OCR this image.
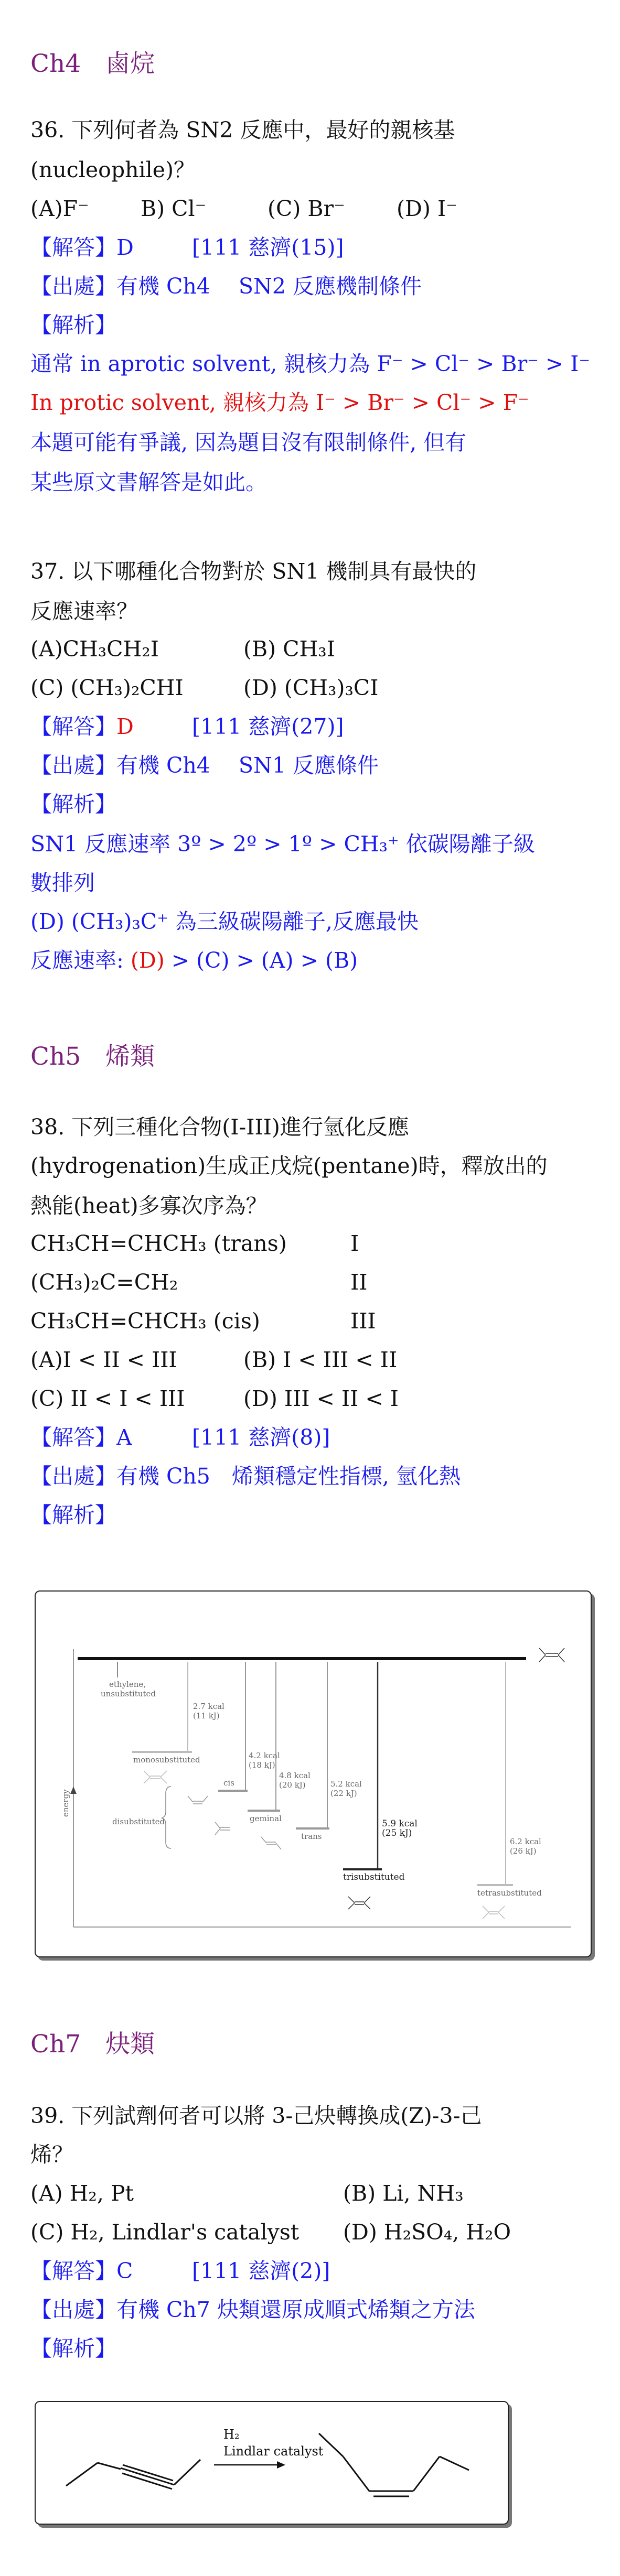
Ch4　鹵烷
36. 下列何者為 SN2 反應中，最好的親核基
(nucleophile)？
(A)F⁻ B) Cl⁻	(C) Br⁻ (D) I⁻
【解答】D	[111 慈濟(15)]
【出處】有機 Ch4　 SN2 反應機制條件
【解析】
通常 in aprotic solvent, 親核力為 F⁻ > Cl⁻ > Br⁻ > I⁻
In protic solvent, 親核力為 I⁻ > Br⁻ > Cl⁻ > F⁻
本題可能有爭議, 因為題目沒有限制條件, 但有
某些原文書解答是如此。
37. 以下哪種化合物對於 SN1 機制具有最快的
反應速率？
(A)CH₃CH₂I	(B) CH₃I
(C) (CH₃)₂CHI	(D) (CH₃)₃CI
【解答】D	[111 慈濟(27)]
【出處】有機 Ch4　 SN1 反應條件
【解析】
SN1 反應速率 3º > 2º > 1º > CH₃⁺ 依碳陽離子級
數排列
(D) (CH₃)₃C⁺ 為三級碳陽離子,反應最快
反應速率: (D) > (C) > (A) > (B)
Ch5　烯類
38. 下列三種化合物(I-III)進行氫化反應
(hydrogenation)生成正戊烷(pentane)時，釋放出的
熱能(heat)多寡次序為？
CH₃CH=CHCH₃ (trans)	I
(CH₃)₂C=CH₂	II
CH₃CH=CHCH₃ (cis)	III
(A)I < II < III	(B) I < III < II
(C) II < I < III	(D) III < II < I
【解答】A	[111 慈濟(8)]
【出處】有機 Ch5　烯類穩定性指標, 氫化熱
【解析】
energy
ethylene,
unsubstituted
monosubstituted
cis
geminal
trans
trisubstituted
tetrasubstituted
disubstituted
2.7 kcal
(11 kJ)
4.2 kcal
(18 kJ)
4.8 kcal
(20 kJ)	5.2 kcal
(22 kJ)
5.9 kcal
(25 kJ)
6.2 kcal
(26 kJ)
Ch7　炔類
39. 下列試劑何者可以將 3-己炔轉換成(Z)-3-己
烯？
(A) H₂, Pt	(B) Li, NH₃
(C) H₂, Lindlar's catalyst (D) H₂SO₄, H₂O
【解答】C	[111 慈濟(2)]
【出處】有機 Ch7 炔類還原成順式烯類之方法
【解析】
H₂
Lindlar catalyst
